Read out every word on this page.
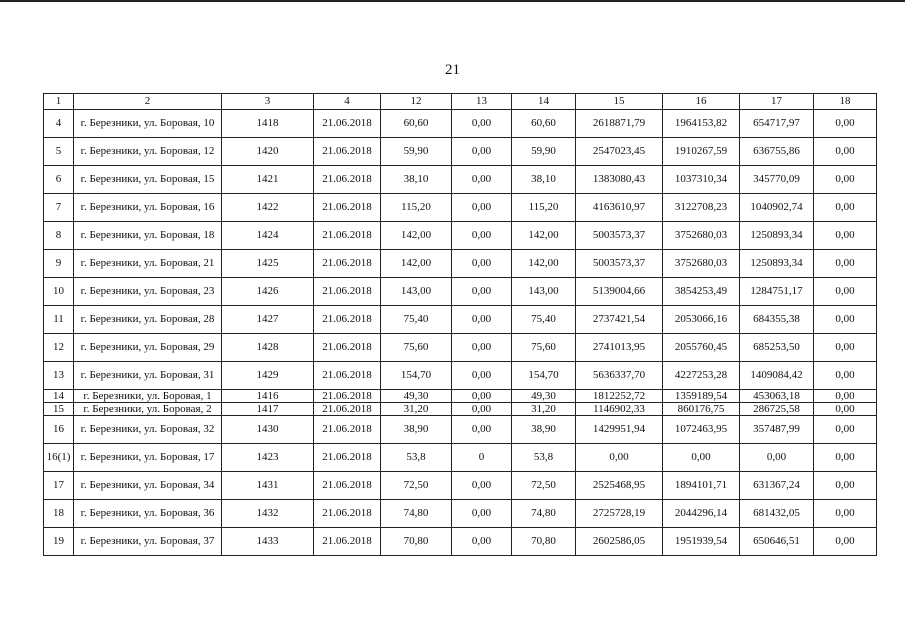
21
1	2	3	4	12	13	14	15	16	17	18
4	г. Березники, ул. Боровая, 10	1418	21.06.2018	60,60	0,00	60,60	2618871,79	1964153,82	654717,97	0,00
5	г. Березники, ул. Боровая, 12	1420	21.06.2018	59,90	0,00	59,90	2547023,45	1910267,59	636755,86	0,00
6	г. Березники, ул. Боровая, 15	1421	21.06.2018	38,10	0,00	38,10	1383080,43	1037310,34	345770,09	0,00
7	г. Березники, ул. Боровая, 16	1422	21.06.2018	115,20	0,00	115,20	4163610,97	3122708,23	1040902,74	0,00
8	г. Березники, ул. Боровая, 18	1424	21.06.2018	142,00	0,00	142,00	5003573,37	3752680,03	1250893,34	0,00
9	г. Березники, ул. Боровая, 21	1425	21.06.2018	142,00	0,00	142,00	5003573,37	3752680,03	1250893,34	0,00
10	г. Березники, ул. Боровая, 23	1426	21.06.2018	143,00	0,00	143,00	5139004,66	3854253,49	1284751,17	0,00
11	г. Березники, ул. Боровая, 28	1427	21.06.2018	75,40	0,00	75,40	2737421,54	2053066,16	684355,38	0,00
12	г. Березники, ул. Боровая, 29	1428	21.06.2018	75,60	0,00	75,60	2741013,95	2055760,45	685253,50	0,00
13	г. Березники, ул. Боровая, 31	1429	21.06.2018	154,70	0,00	154,70	5636337,70	4227253,28	1409084,42	0,00
14	г. Березники, ул. Боровая, 1	1416	21.06.2018	49,30	0,00	49,30	1812252,72	1359189,54	453063,18	0,00
15	г. Березники, ул. Боровая, 2	1417	21.06.2018	31,20	0,00	31,20	1146902,33	860176,75	286725,58	0,00
16	г. Березники, ул. Боровая, 32	1430	21.06.2018	38,90	0,00	38,90	1429951,94	1072463,95	357487,99	0,00
16(1)	г. Березники, ул. Боровая, 17	1423	21.06.2018	53,8	0	53,8	0,00	0,00	0,00	0,00
17	г. Березники, ул. Боровая, 34	1431	21.06.2018	72,50	0,00	72,50	2525468,95	1894101,71	631367,24	0,00
18	г. Березники, ул. Боровая, 36	1432	21.06.2018	74,80	0,00	74,80	2725728,19	2044296,14	681432,05	0,00
19	г. Березники, ул. Боровая, 37	1433	21.06.2018	70,80	0,00	70,80	2602586,05	1951939,54	650646,51	0,00
